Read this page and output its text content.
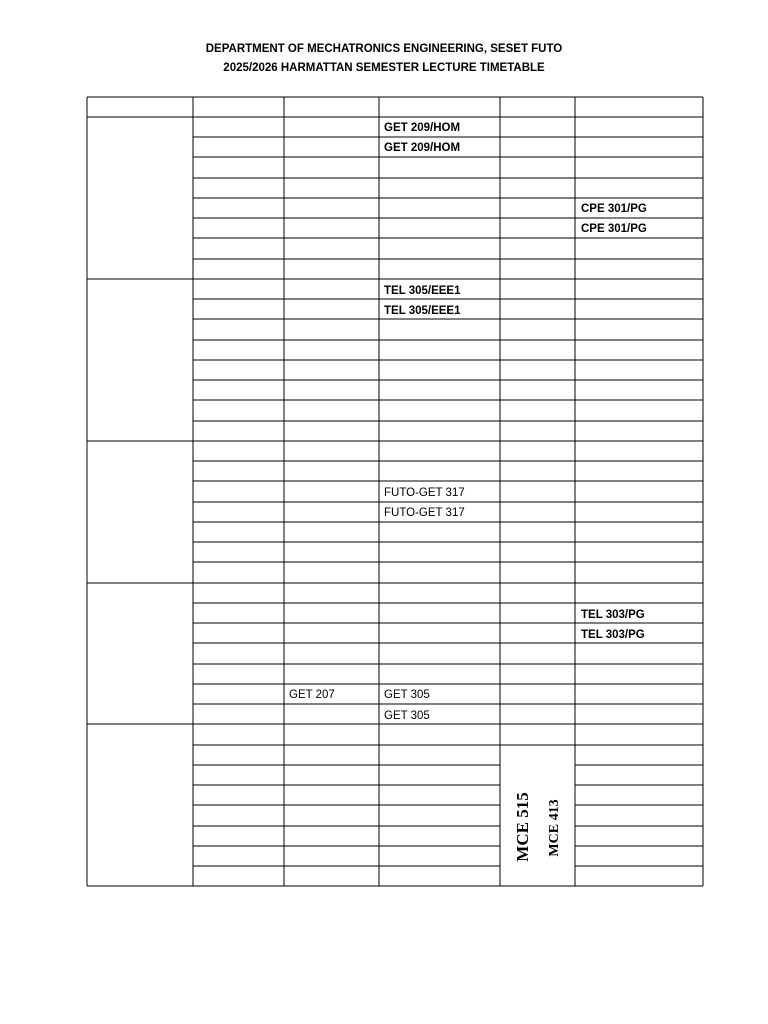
DEPARTMENT OF MECHATRONICS ENGINEERING, SESET FUTO
2025/2026 HARMATTAN SEMESTER LECTURE TIMETABLE
GET 209/HOM
GET 209/HOM
CPE 301/PG
CPE 301/PG
TEL 305/EEE1
TEL 305/EEE1
FUTO-GET 317
FUTO-GET 317
TEL 303/PG
TEL 303/PG
GET 207	GET 305
GET 305
MCE 515 MCE 413
